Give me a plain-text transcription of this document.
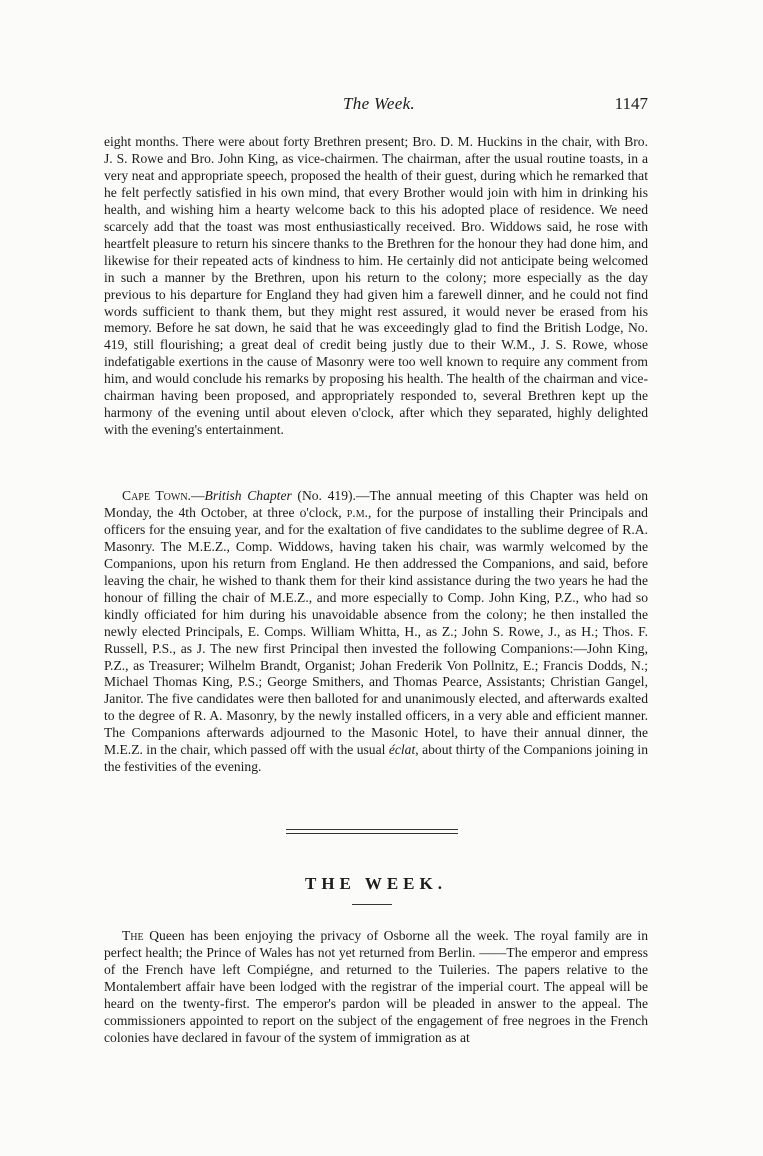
The Week.	1147
eight months. There were about forty Brethren present; Bro. D. M. Huckins in the chair, with Bro. J. S. Rowe and Bro. John King, as vice-chairmen. The chairman, after the usual routine toasts, in a very neat and appropriate speech, proposed the health of their guest, during which he remarked that he felt perfectly satisfied in his own mind, that every Brother would join with him in drinking his health, and wishing him a hearty welcome back to this his adopted place of residence. We need scarcely add that the toast was most enthusiastically received. Bro. Widdows said, he rose with heartfelt pleasure to return his sincere thanks to the Brethren for the honour they had done him, and likewise for their repeated acts of kindness to him. He certainly did not anticipate being welcomed in such a manner by the Brethren, upon his return to the colony; more especially as the day previous to his departure for England they had given him a farewell dinner, and he could not find words sufficient to thank them, but they might rest assured, it would never be erased from his memory. Before he sat down, he said that he was exceedingly glad to find the British Lodge, No. 419, still flourishing; a great deal of credit being justly due to their W.M., J. S. Rowe, whose indefatigable exertions in the cause of Masonry were too well known to require any comment from him, and would conclude his remarks by proposing his health. The health of the chairman and vice-chairman having been proposed, and appropriately responded to, several Brethren kept up the harmony of the evening until about eleven o'clock, after which they separated, highly delighted with the evening's entertainment.
Cape Town.—British Chapter (No. 419).—The annual meeting of this Chapter was held on Monday, the 4th October, at three o'clock, p.m., for the purpose of installing their Principals and officers for the ensuing year, and for the exaltation of five candidates to the sublime degree of R.A. Masonry. The M.E.Z., Comp. Widdows, having taken his chair, was warmly welcomed by the Companions, upon his return from England. He then addressed the Companions, and said, before leaving the chair, he wished to thank them for their kind assistance during the two years he had the honour of filling the chair of M.E.Z., and more especially to Comp. John King, P.Z., who had so kindly officiated for him during his unavoidable absence from the colony; he then installed the newly elected Principals, E. Comps. William Whitta, H., as Z.; John S. Rowe, J., as H.; Thos. F. Russell, P.S., as J. The new first Principal then invested the following Companions:—John King, P.Z., as Treasurer; Wilhelm Brandt, Organist; Johan Frederik Von Pollnitz, E.; Francis Dodds, N.; Michael Thomas King, P.S.; George Smithers, and Thomas Pearce, Assistants; Christian Gangel, Janitor. The five candidates were then balloted for and unanimously elected, and afterwards exalted to the degree of R. A. Masonry, by the newly installed officers, in a very able and efficient manner. The Companions afterwards adjourned to the Masonic Hotel, to have their annual dinner, the M.E.Z. in the chair, which passed off with the usual éclat, about thirty of the Companions joining in the festivities of the evening.
THE WEEK.
The Queen has been enjoying the privacy of Osborne all the week. The royal family are in perfect health; the Prince of Wales has not yet returned from Berlin. ——The emperor and empress of the French have left Compiégne, and returned to the Tuileries. The papers relative to the Montalembert affair have been lodged with the registrar of the imperial court. The appeal will be heard on the twenty-first. The emperor's pardon will be pleaded in answer to the appeal. The commissioners appointed to report on the subject of the engagement of free negroes in the French colonies have declared in favour of the system of immigration as at
